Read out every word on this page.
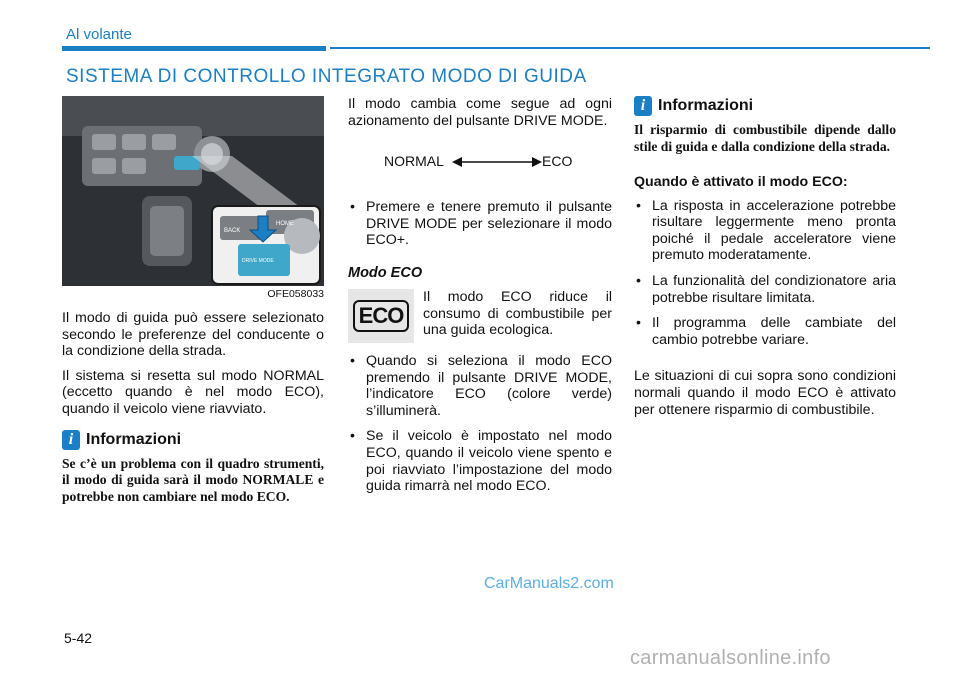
Al volante
SISTEMA DI CONTROLLO INTEGRATO MODO DI GUIDA
BACK
HOME
DRIVE MODE
OFE058033

Il modo di guida può essere selezionato secondo le preferenze del conducente o la condizione della strada.

Il sistema si resetta sul modo NORMAL (eccetto quando è nel modo ECO), quando il veicolo viene riavviato.

i Informazioni

Se c’è un problema con il quadro strumenti, il modo di guida sarà il modo NORMALE e potrebbe non cambiare nel modo ECO.

Il modo cambia come segue ad ogni azionamento del pulsante DRIVE MODE.

NORMAL	ECO
• Premere e tenere premuto il pulsante DRIVE MODE per selezionare il modo ECO+.
Modo ECO
ECO
Il modo ECO riduce il consumo di combustibile per una guida ecologica.
• Quando si seleziona il modo ECO premendo il pulsante DRIVE MODE, l’indicatore ECO (colore verde) s’illuminerà.
• Se il veicolo è impostato nel modo ECO, quando il veicolo viene spento e poi riavviato l’impostazione del modo guida rimarrà nel modo ECO.
i Informazioni

Il risparmio di combustibile dipende dallo stile di guida e dalla condizione della strada.

Quando è attivato il modo ECO:
• La risposta in accelerazione potrebbe risultare leggermente meno pronta poiché il pedale acceleratore viene premuto moderatamente.
• La funzionalità del condizionatore aria potrebbe risultare limitata.
• Il programma delle cambiate del cambio potrebbe variare.

Le situazioni di cui sopra sono condizioni normali quando il modo ECO è attivato per ottenere risparmio di combustibile.

CarManuals2.com
5-42
carmanualsonline.info
